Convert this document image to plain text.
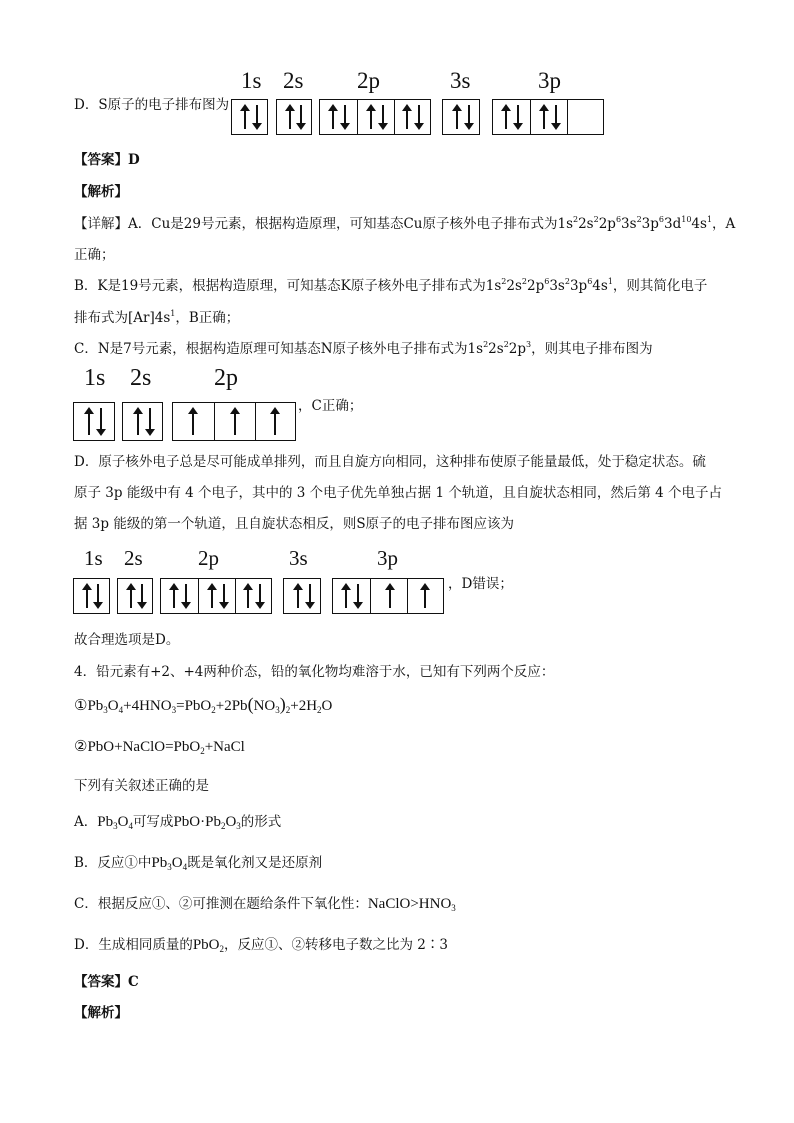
D．S原子的电子排布图为
1s 2s 2p	3s	3p
【答案】D
【解析】
【详解】A．Cu是29号元素，根据构造原理，可知基态Cu原子核外电子排布式为$1s^22s^22p^63s^23p^63d^{10}4s^1$，A
正确；
B．K是19号元素，根据构造原理，可知基态K原子核外电子排布式为$1s^22s^22p^63s^23p^64s^1$，则其简化电子
排布式为$[Ar]4s^1$，B正确；
C．N是7号元素，根据构造原理可知基态N原子核外电子排布式为$1s^22s^22p^3$，则其电子排布图为
1s 2s	2p
，C正确；
D．原子核外电子总是尽可能成单排列，而且自旋方向相同，这种排布使原子能量最低，处于稳定状态。硫
原子 3p 能级中有 4 个电子，其中的 3 个电子优先单独占据 1 个轨道，且自旋状态相同，然后第 4 个电子占
据 3p 能级的第一个轨道，且自旋状态相反，则S原子的电子排布图应该为
1s 2s	2p	3s	3p
，D错误；
故合理选项是D。
4．铅元素有+2、+4两种价态，铅的氧化物均难溶于水，已知有下列两个反应：
$①Pb_3O_4+4HNO_3=PbO_2+2Pb(NO_3)_2+2H_2O$
②PbO+NaClO=PbO$_2$+NaCl
下列有关叙述正确的是
A．$Pb_3O_4$可写成$PbO\cdot Pb_2O_3$的形式
B．反应①中$Pb_3O_4$既是氧化剂又是还原剂
C．根据反应①、②可推测在题给条件下氧化性：$NaClO>HNO_3$
D．生成相同质量的PbO$_2$，反应①、②转移电子数之比为 2∶3
【答案】C
【解析】
